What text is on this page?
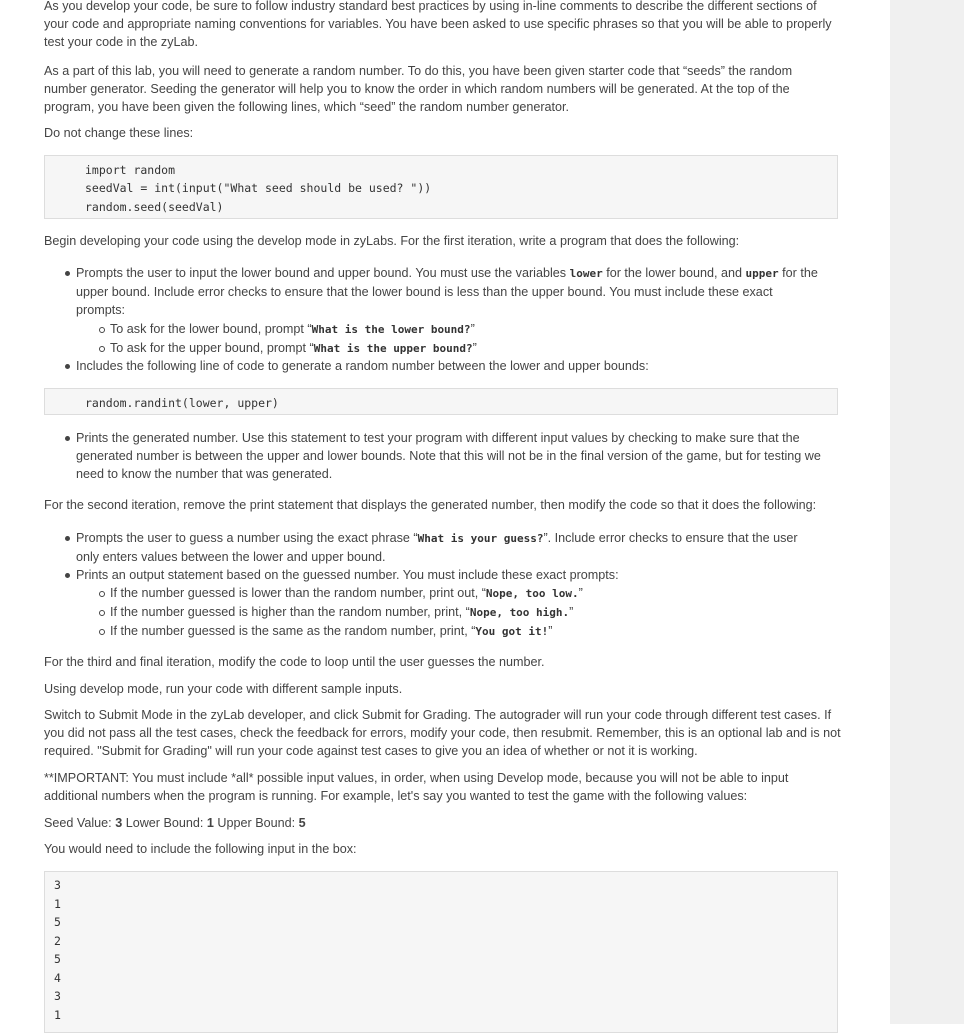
As you develop your code, be sure to follow industry standard best practices by using in-line comments to describe the different sections of your code and appropriate naming conventions for variables. You have been asked to use specific phrases so that you will be able to properly test your code in the zyLab.

As a part of this lab, you will need to generate a random number. To do this, you have been given starter code that “seeds” the random number generator. Seeding the generator will help you to know the order in which random numbers will be generated. At the top of the program, you have been given the following lines, which “seed” the random number generator.

Do not change these lines:

import random
seedVal = int(input("What seed should be used? "))
random.seed(seedVal)

Begin developing your code using the develop mode in zyLabs. For the first iteration, write a program that does the following:

Prompts the user to input the lower bound and upper bound. You must use the variables lower for the lower bound, and upper for the upper bound. Include error checks to ensure that the lower bound is less than the upper bound. You must include these exact prompts:
To ask for the lower bound, prompt “What is the lower bound?”
To ask for the upper bound, prompt “What is the upper bound?”
Includes the following line of code to generate a random number between the lower and upper bounds:
random.randint(lower, upper)
Prints the generated number. Use this statement to test your program with different input values by checking to make sure that the generated number is between the upper and lower bounds. Note that this will not be in the final version of the game, but for testing we need to know the number that was generated.

For the second iteration, remove the print statement that displays the generated number, then modify the code so that it does the following:

Prompts the user to guess a number using the exact phrase “What is your guess?”. Include error checks to ensure that the user only enters values between the lower and upper bound.
Prints an output statement based on the guessed number. You must include these exact prompts:
If the number guessed is lower than the random number, print out, “Nope, too low.”
If the number guessed is higher than the random number, print, “Nope, too high.”
If the number guessed is the same as the random number, print, “You got it!”

For the third and final iteration, modify the code to loop until the user guesses the number.

Using develop mode, run your code with different sample inputs.

Switch to Submit Mode in the zyLab developer, and click Submit for Grading. The autograder will run your code through different test cases. If you did not pass all the test cases, check the feedback for errors, modify your code, then resubmit. Remember, this is an optional lab and is not required. "Submit for Grading" will run your code against test cases to give you an idea of whether or not it is working.

**IMPORTANT: You must include *all* possible input values, in order, when using Develop mode, because you will not be able to input additional numbers when the program is running. For example, let's say you wanted to test the game with the following values:

Seed Value: 3 Lower Bound: 1 Upper Bound: 5

You would need to include the following input in the box:

3
1
5
2
5
4
3
1
